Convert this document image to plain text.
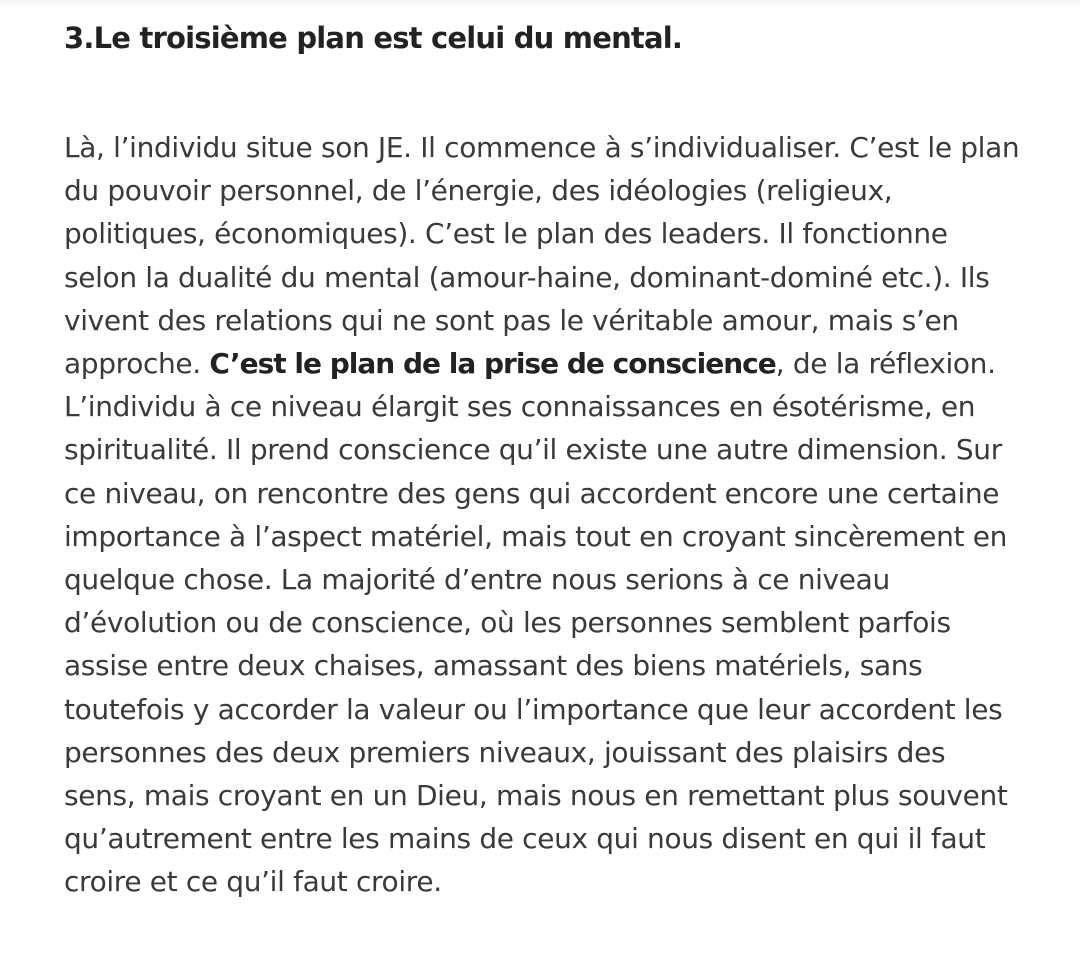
3.Le troisième plan est celui du mental.

Là, l’individu situe son JE. Il commence à s’individualiser. C’est le plan du pouvoir personnel, de l’énergie, des idéologies (religieux, politiques, économiques). C’est le plan des leaders. Il fonctionne selon la dualité du mental (amour-haine, dominant-dominé etc.). Ils vivent des relations qui ne sont pas le véritable amour, mais s’en approche. C’est le plan de la prise de conscience, de la réflexion. L’individu à ce niveau élargit ses connaissances en ésotérisme, en spiritualité. Il prend conscience qu’il existe une autre dimension. Sur ce niveau, on rencontre des gens qui accordent encore une certaine importance à l’aspect matériel, mais tout en croyant sincèrement en quelque chose. La majorité d’entre nous serions à ce niveau d’évolution ou de conscience, où les personnes semblent parfois assise entre deux chaises, amassant des biens matériels, sans toutefois y accorder la valeur ou l’importance que leur accordent les personnes des deux premiers niveaux, jouissant des plaisirs des sens, mais croyant en un Dieu, mais nous en remettant plus souvent qu’autrement entre les mains de ceux qui nous disent en qui il faut croire et ce qu’il faut croire.
